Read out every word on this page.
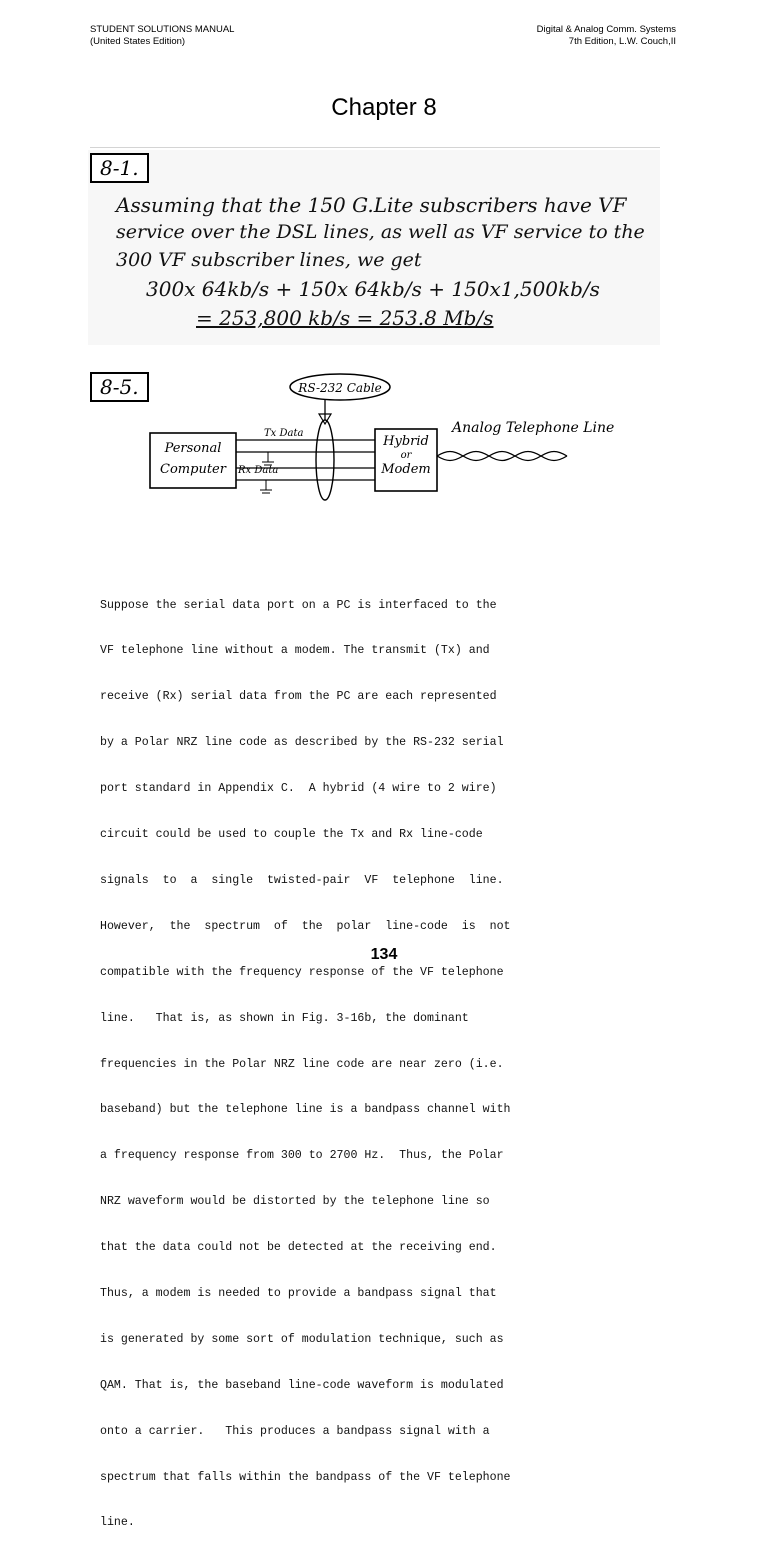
STUDENT SOLUTIONS MANUAL
(United States Edition)
Digital & Analog Comm. Systems
7th Edition, L.W. Couch,II
Chapter 8
8-1.
Assuming that the 150 G.Lite subscribers have VF
service over the DSL lines, as well as VF service to the
300 VF subscriber lines, we get
300x 64kb/s + 150x 64kb/s + 150x1,500kb/s
= 253,800 kb/s = 253.8 Mb/s
8-5.	RS-232 Cable
Personal
Computer
Tx Data
Rx Data
Hybrid
or
Modem
Analog Telephone Line

Suppose the serial data port on a PC is interfaced to the

VF telephone line without a modem. The transmit (Tx) and

receive (Rx) serial data from the PC are each represented

by a Polar NRZ line code as described by the RS-232 serial

port standard in Appendix C.  A hybrid (4 wire to 2 wire)

circuit could be used to couple the Tx and Rx line-code

signals  to  a  single  twisted-pair  VF  telephone  line.

However,  the  spectrum  of  the  polar  line-code  is  not

compatible with the frequency response of the VF telephone

line.   That is, as shown in Fig. 3-16b, the dominant

frequencies in the Polar NRZ line code are near zero (i.e.

baseband) but the telephone line is a bandpass channel with

a frequency response from 300 to 2700 Hz.  Thus, the Polar

NRZ waveform would be distorted by the telephone line so

that the data could not be detected at the receiving end.

Thus, a modem is needed to provide a bandpass signal that

is generated by some sort of modulation technique, such as

QAM. That is, the baseband line-code waveform is modulated

onto a carrier.   This produces a bandpass signal with a

spectrum that falls within the bandpass of the VF telephone

line.

134
